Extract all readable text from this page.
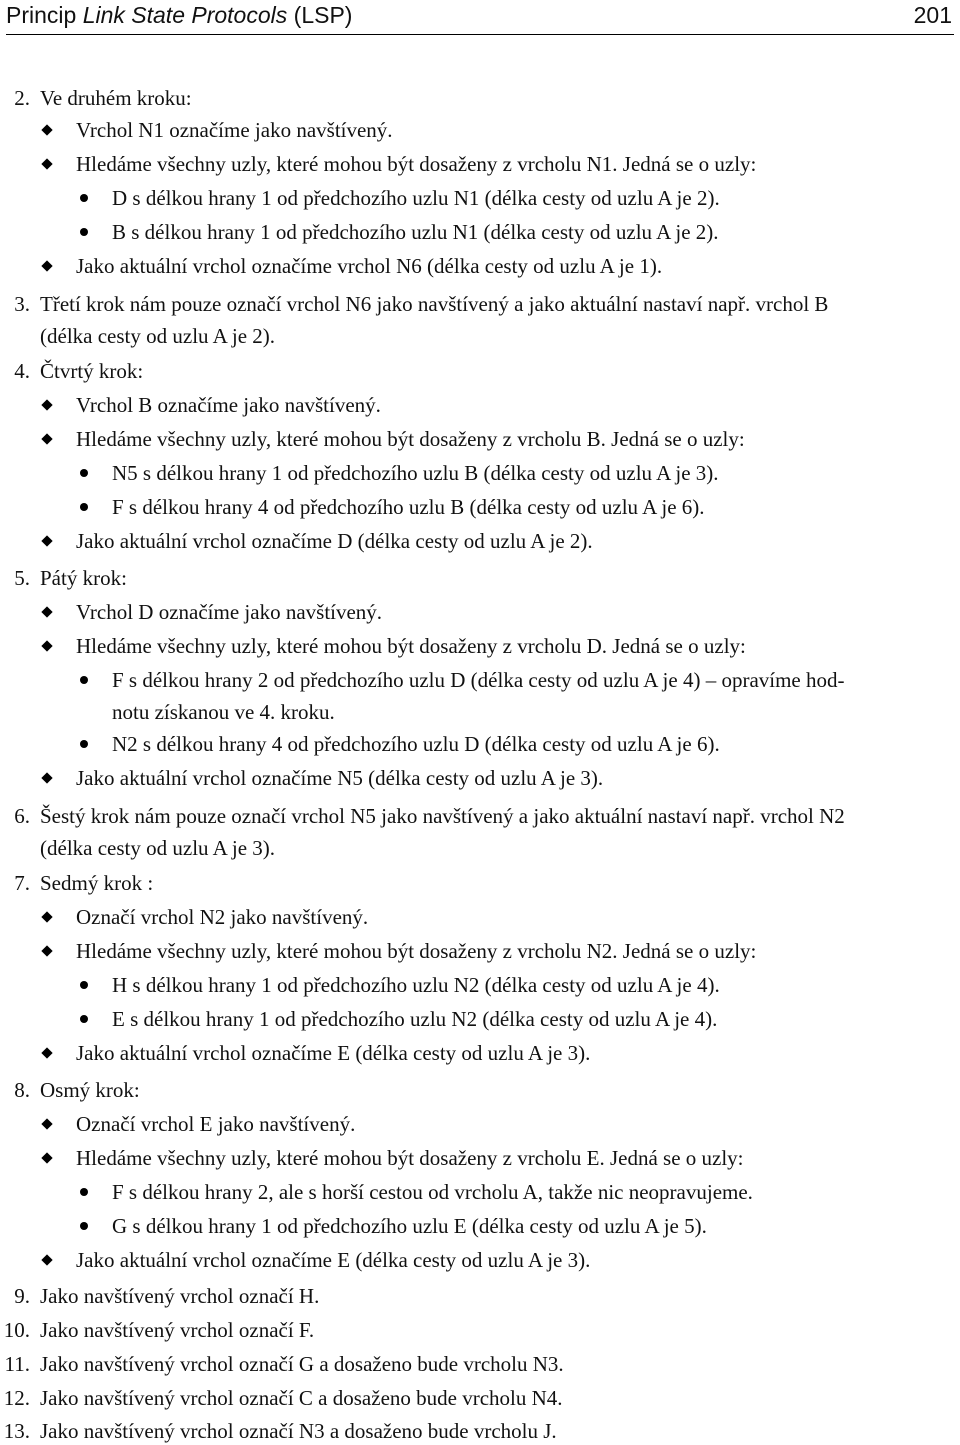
Princip Link State Protocols (LSP)	201
2. Ve druhém kroku:
Vrchol N1 označíme jako navštívený.
Hledáme všechny uzly, které mohou být dosaženy z vrcholu N1. Jedná se o uzly:
D s délkou hrany 1 od předchozího uzlu N1 (délka cesty od uzlu A je 2).
B s délkou hrany 1 od předchozího uzlu N1 (délka cesty od uzlu A je 2).
Jako aktuální vrchol označíme vrchol N6 (délka cesty od uzlu A je 1).
3. Třetí krok nám pouze označí vrchol N6 jako navštívený a jako aktuální nastaví např. vrchol B
(délka cesty od uzlu A je 2).
4. Čtvrtý krok:
Vrchol B označíme jako navštívený.
Hledáme všechny uzly, které mohou být dosaženy z vrcholu B. Jedná se o uzly:
N5 s délkou hrany 1 od předchozího uzlu B (délka cesty od uzlu A je 3).
F s délkou hrany 4 od předchozího uzlu B (délka cesty od uzlu A je 6).
Jako aktuální vrchol označíme D (délka cesty od uzlu A je 2).
5. Pátý krok:
Vrchol D označíme jako navštívený.
Hledáme všechny uzly, které mohou být dosaženy z vrcholu D. Jedná se o uzly:
F s délkou hrany 2 od předchozího uzlu D (délka cesty od uzlu A je 4) – opravíme hod-
notu získanou ve 4. kroku.
N2 s délkou hrany 4 od předchozího uzlu D (délka cesty od uzlu A je 6).
Jako aktuální vrchol označíme N5 (délka cesty od uzlu A je 3).
6. Šestý krok nám pouze označí vrchol N5 jako navštívený a jako aktuální nastaví např. vrchol N2
(délka cesty od uzlu A je 3).
7. Sedmý krok :
Označí vrchol N2 jako navštívený.
Hledáme všechny uzly, které mohou být dosaženy z vrcholu N2. Jedná se o uzly:
H s délkou hrany 1 od předchozího uzlu N2 (délka cesty od uzlu A je 4).
E s délkou hrany 1 od předchozího uzlu N2 (délka cesty od uzlu A je 4).
Jako aktuální vrchol označíme E (délka cesty od uzlu A je 3).
8. Osmý krok:
Označí vrchol E jako navštívený.
Hledáme všechny uzly, které mohou být dosaženy z vrcholu E. Jedná se o uzly:
F s délkou hrany 2, ale s horší cestou od vrcholu A, takže nic neopravujeme.
G s délkou hrany 1 od předchozího uzlu E (délka cesty od uzlu A je 5).
Jako aktuální vrchol označíme E (délka cesty od uzlu A je 3).
9. Jako navštívený vrchol označí H.
10. Jako navštívený vrchol označí F.
11. Jako navštívený vrchol označí G a dosaženo bude vrcholu N3.
12. Jako navštívený vrchol označí C a dosaženo bude vrcholu N4.
13. Jako navštívený vrchol označí N3 a dosaženo bude vrcholu J.
